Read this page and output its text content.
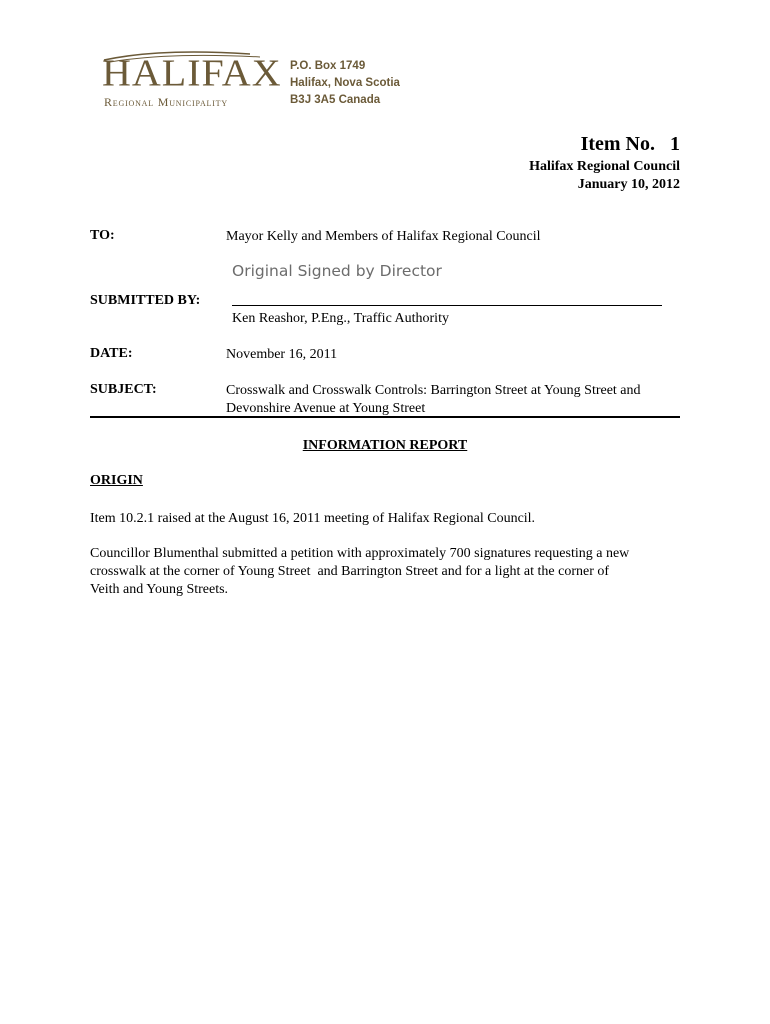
HALIFAX
Regional Municipality
P.O. Box 1749
Halifax, Nova Scotia
B3J 3A5 Canada
Item No.   1
Halifax Regional Council
January 10, 2012
TO:	Mayor Kelly and Members of Halifax Regional Council
Original Signed by Director
SUBMITTED BY:
Ken Reashor, P.Eng., Traffic Authority
DATE:	November 16, 2011
SUBJECT:	Crosswalk and Crosswalk Controls: Barrington Street at Young Street and
Devonshire Avenue at Young Street
INFORMATION REPORT
ORIGIN
Item 10.2.1 raised at the August 16, 2011 meeting of Halifax Regional Council.
Councillor Blumenthal submitted a petition with approximately 700 signatures requesting a new
crosswalk at the corner of Young Street  and Barrington Street and for a light at the corner of
Veith and Young Streets.
